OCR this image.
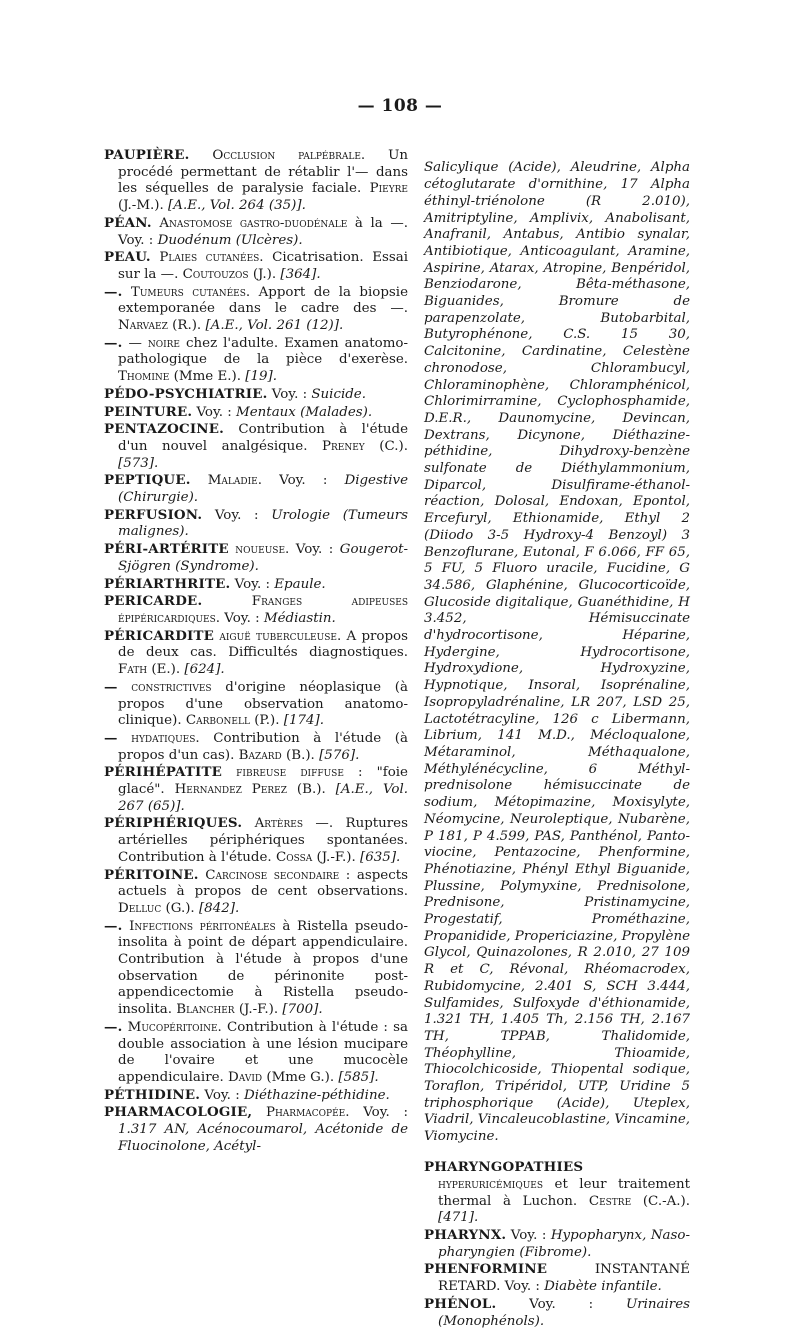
— 108 —

PAUPIÈRE. Occlusion palpébrale. Un procédé permettant de rétablir l'— dans les séquelles de paralysie faciale. Pieyre (J.-M.). [A.E., Vol. 264 (35)].

PÉAN. Anastomose gastro-duodénale à la —. Voy. : Duodénum (Ulcères).

PEAU. Plaies cutanées. Cicatrisation. Essai sur la —. Coutouzos (J.). [364].

—. Tumeurs cutanées. Apport de la biopsie extemporanée dans le cadre des —. Narvaez (R.). [A.E., Vol. 261 (12)].

—. — noire chez l'adulte. Examen anatomo-pathologique de la pièce d'exerèse. Thomine (Mme E.). [19].

PÉDO-PSYCHIATRIE. Voy. : Suicide.

PEINTURE. Voy. : Mentaux (Malades).

PENTAZOCINE. Contribution à l'étude d'un nouvel analgésique. Preney (C.). [573].

PEPTIQUE. Maladie. Voy. : Digestive (Chirurgie).

PERFUSION. Voy. : Urologie (Tumeurs malignes).

PÉRI-ARTÉRITE noueuse. Voy. : Gougerot-Sjögren (Syndrome).

PÉRIARTHRITE. Voy. : Epaule.

PERICARDE. Franges adipeuses épipéricardiques. Voy. : Médiastin.

PÉRICARDITE aiguë tuberculeuse. A propos de deux cas. Difficultés diagnostiques. Fath (E.). [624].

— constrictives d'origine néoplasique (à propos d'une observation anatomo-clinique). Carbonell (P.). [174].

— hydatiques. Contribution à l'étude (à propos d'un cas). Bazard (B.). [576].

PÉRIHÉPATITE fibreuse diffuse : "foie glacé". Hernandez Perez (B.). [A.E., Vol. 267 (65)].

PÉRIPHÉRIQUES. Artères —. Ruptures artérielles périphériques spontanées. Contribution à l'étude. Cossa (J.-F.). [635].

PÉRITOINE. Carcinose secondaire : aspects actuels à propos de cent observations. Delluc (G.). [842].

—. Infections péritonéales à Ristella pseudo-insolita à point de départ appendiculaire. Contribution à l'étude à propos d'une observation de périnonite post-appendicectomie à Ristella pseudo-insolita. Blancher (J.-F.). [700].

—. Mucopéritoine. Contribution à l'étude : sa double association à une lésion mucipare de l'ovaire et une mucocèle appendiculaire. David (Mme G.). [585].

PÉTHIDINE. Voy. : Diéthazine-péthidine.

PHARMACOLOGIE, Pharmacopée. Voy. : 1.317 AN, Acénocoumarol, Acétonide de Fluocinolone, Acétyl-

Salicylique (Acide), Aleudrine, Alpha cétoglutarate d'ornithine, 17 Alpha éthinyl-triénolone (R 2.010), Amitriptyline, Amplivix, Anabolisant, Anafranil, Antabus, Antibio synalar, Antibiotique, Anticoagulant, Aramine, Aspirine, Atarax, Atropine, Benpéridol, Benziodarone, Bêta-méthasone, Biguanides, Bromure de parapenzolate, Butobarbital, Butyrophénone, C.S. 15 30, Calcitonine, Cardinatine, Celestène chronodose, Chlorambucyl, Chloraminophène, Chloramphénicol, Chlorimirramine, Cyclophosphamide, D.E.R., Daunomycine, Devincan, Dextrans, Dicynone, Diéthazine-péthidine, Dihydroxy-benzène sulfonate de Diéthylammonium, Diparcol, Disulfirame-éthanol- réaction, Dolosal, Endoxan, Epontol, Ercefuryl, Ethionamide, Ethyl 2 (Diiodo 3-5 Hydroxy-4 Benzoyl) 3 Benzoflurane, Eutonal, F 6.066, FF 65, 5 FU, 5 Fluoro uracile, Fucidine, G 34.586, Glaphénine, Glucocorticoïde, Glucoside digitalique, Guanéthidine, H 3.452, Hémisuccinate d'hydrocortisone, Héparine, Hydergine, Hydrocortisone, Hydroxydione, Hydroxyzine, Hypnotique, Insoral, Isoprénaline, Isopropyladrénaline, LR 207, LSD 25, Lactotétracyline, 126 c Libermann, Librium, 141 M.D., Mécloqualone, Métaraminol, Méthaqualone, Méthylénécycline, 6 Méthyl-prednisolone hémisuccinate de sodium, Métopimazine, Moxisylyte, Néomycine, Neuroleptique, Nubarène, P 181, P 4.599, PAS, Panthénol, Panto-viocine, Pentazocine, Phenformine, Phénotiazine, Phényl Ethyl Biguanide, Plussine, Polymyxine, Prednisolone, Prednisone, Pristinamycine, Progestatif, Prométhazine, Propanidide, Propericiazine, Propylène Glycol, Quinazolones, R 2.010, 27 109 R et C, Révonal, Rhéomacrodex, Rubidomycine, 2.401 S, SCH 3.444, Sulfamides, Sulfoxyde d'éthionamide, 1.321 TH, 1.405 Th, 2.156 TH, 2.167 TH, TPPAB, Thalidomide, Théophylline, Thioamide, Thiocolchicoside, Thiopental sodique, Toraflon, Tripéridol, UTP, Uridine 5 triphosphorique (Acide), Uteplex, Viadril, Vincaleucoblastine, Vincamine, Viomycine.

PHARYNGOPATHIES hyperuricémiques et leur traitement thermal à Luchon. Cestre (C.-A.). [471].

PHARYNX. Voy. : Hypopharynx, Naso-pharyngien (Fibrome).

PHENFORMINE INSTANTANÉ RETARD. Voy. : Diabète infantile.

PHÉNOL. Voy. : Urinaires (Monophénols).
